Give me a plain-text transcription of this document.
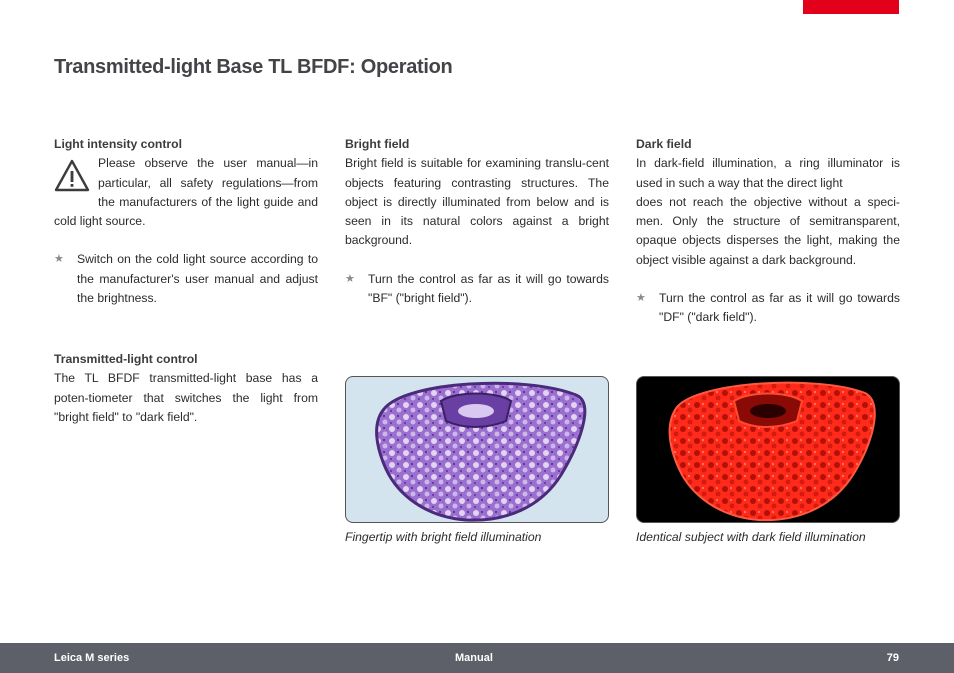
Transmitted-light Base TL BFDF: Operation
Light intensity control

Please observe the user manual—in particular, all safety regulations—from the manufacturers of the light guide and cold light source.

★ Switch on the cold light source according to the manufacturer's user manual and adjust the brightness.

Transmitted-light control

The TL BFDF transmitted-light base has a poten-tiometer that switches the light from "bright field" to "dark field".

Bright field

Bright field is suitable for examining translu-cent objects featuring contrasting structures. The object is directly illuminated from below and is seen in its natural colors against a bright background.

★ Turn the control as far as it will go towards "BF" ("bright field").

Dark field

In dark-field illumination, a ring illuminator is used in such a way that the direct light

does not reach the objective without a speci-men. Only the structure of semitransparent, opaque objects disperses the light, making the object visible against a dark background.

★ Turn the control as far as it will go towards "DF" ("dark field").

Fingertip with bright field illumination	Identical subject with dark field illumination
Leica M series	Manual	79
